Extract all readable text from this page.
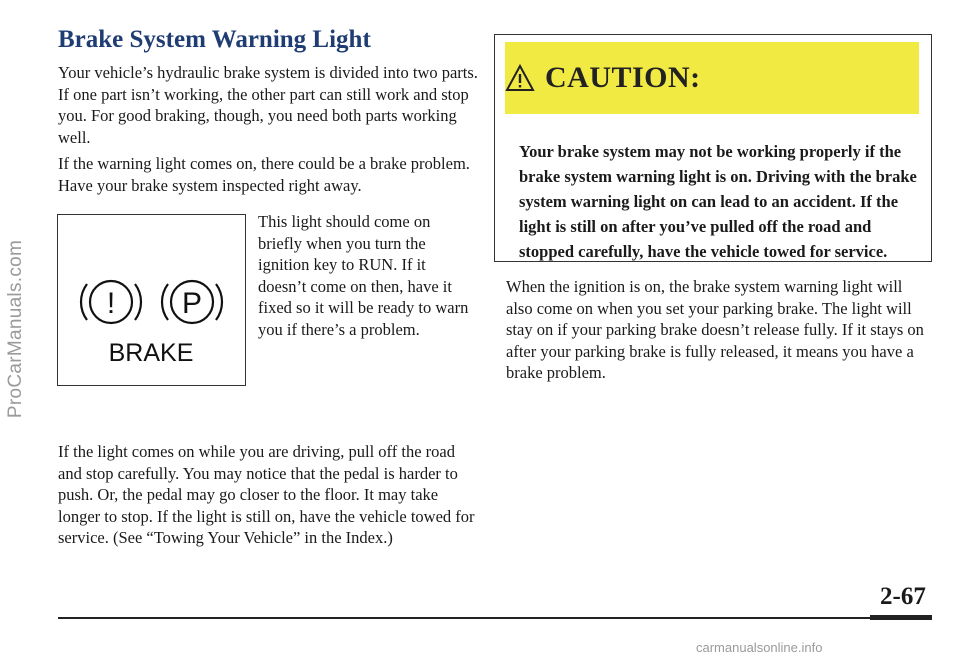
ProCarManuals.com
Brake System Warning Light

Your vehicle’s hydraulic brake system is divided into two parts. If one part isn’t working, the other part can still work and stop you. For good braking, though, you need both parts working well.

If the warning light comes on, there could be a brake problem. Have your brake system inspected right away.

! P
BRAKE

This light should come on briefly when you turn the ignition key to RUN. If it doesn’t come on then, have it fixed so it will be ready to warn you if there’s a problem.

If the light comes on while you are driving, pull off the road and stop carefully. You may notice that the pedal is harder to push. Or, the pedal may go closer to the floor. It may take longer to stop. If the light is still on, have the vehicle towed for service. (See “Towing Your Vehicle” in the Index.)

CAUTION:

Your brake system may not be working properly if the brake system warning light is on. Driving with the brake system warning light on can lead to an accident. If the light is still on after you’ve pulled off the road and stopped carefully, have the vehicle towed for service.

When the ignition is on, the brake system warning light will also come on when you set your parking brake. The light will stay on if your parking brake doesn’t release fully. If it stays on after your parking brake is fully released, it means you have a brake problem.

2-67
carmanualsonline.info
